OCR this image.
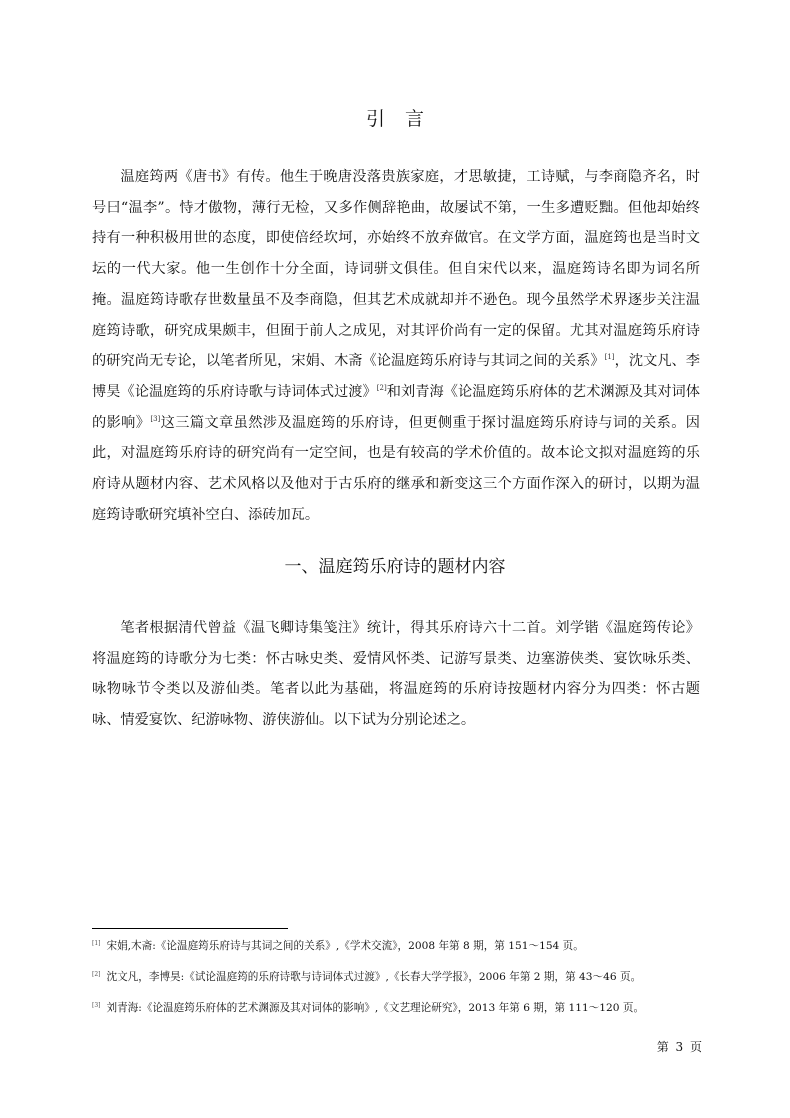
引言

温庭筠两《唐书》有传。他生于晚唐没落贵族家庭，才思敏捷，工诗赋，与李商隐齐名，时号曰“温李”。恃才傲物，薄行无检，又多作侧辞艳曲，故屡试不第，一生多遭贬黜。但他却始终持有一种积极用世的态度，即使倍经坎坷，亦始终不放弃做官。在文学方面，温庭筠也是当时文坛的一代大家。他一生创作十分全面，诗词骈文俱佳。但自宋代以来，温庭筠诗名即为词名所掩。温庭筠诗歌存世数量虽不及李商隐，但其艺术成就却并不逊色。现今虽然学术界逐步关注温庭筠诗歌，研究成果颇丰，但囿于前人之成见，对其评价尚有一定的保留。尤其对温庭筠乐府诗的研究尚无专论，以笔者所见，宋娟、木斋《论温庭筠乐府诗与其词之间的关系》[1]，沈文凡、李博昊《论温庭筠的乐府诗歌与诗词体式过渡》[2]和刘青海《论温庭筠乐府体的艺术渊源及其对词体的影响》[3]这三篇文章虽然涉及温庭筠的乐府诗，但更侧重于探讨温庭筠乐府诗与词的关系。因此，对温庭筠乐府诗的研究尚有一定空间，也是有较高的学术价值的。故本论文拟对温庭筠的乐府诗从题材内容、艺术风格以及他对于古乐府的继承和新变这三个方面作深入的研讨，以期为温庭筠诗歌研究填补空白、添砖加瓦。

一、温庭筠乐府诗的题材内容

笔者根据清代曾益《温飞卿诗集笺注》统计，得其乐府诗六十二首。刘学锴《温庭筠传论》将温庭筠的诗歌分为七类：怀古咏史类、爱情风怀类、记游写景类、边塞游侠类、宴饮咏乐类、咏物咏节令类以及游仙类。笔者以此为基础，将温庭筠的乐府诗按题材内容分为四类：怀古题咏、情爱宴饮、纪游咏物、游侠游仙。以下试为分别论述之。

[1] 宋娟,木斋:《论温庭筠乐府诗与其词之间的关系》,《学术交流》，2008 年第 8 期，第 151～154 页。
[2] 沈文凡，李博昊:《试论温庭筠的乐府诗歌与诗词体式过渡》,《长春大学学报》，2006 年第 2 期，第 43～46 页。
[3] 刘青海:《论温庭筠乐府体的艺术渊源及其对词体的影响》,《文艺理论研究》，2013 年第 6 期，第 111～120 页。
第 3 页
